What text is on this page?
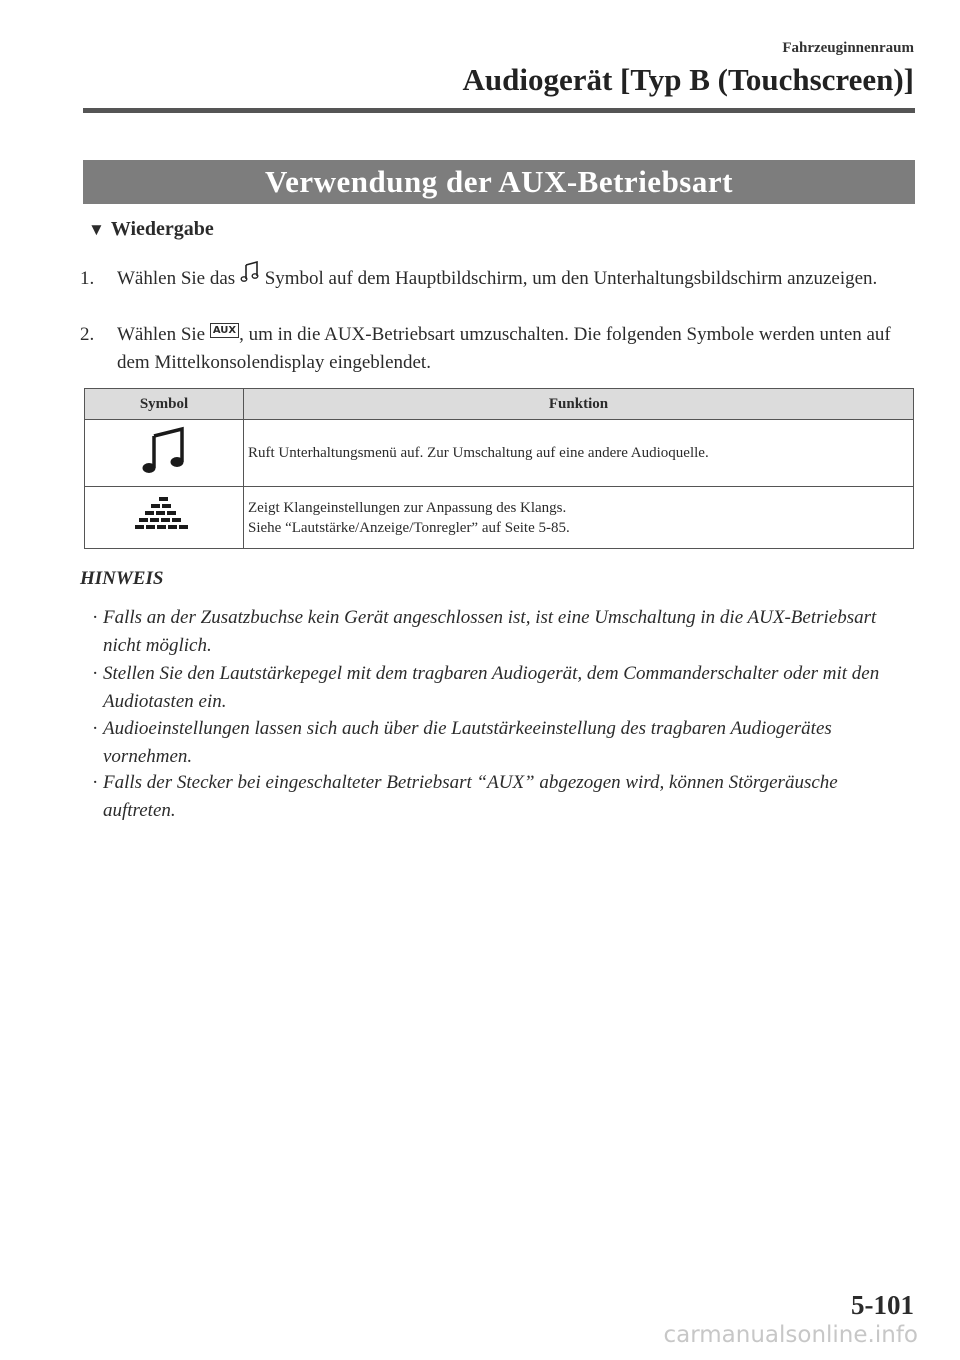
Fahrzeuginnenraum
Audiogerät [Typ B (Touchscreen)]
Verwendung der AUX-Betriebsart
▼ Wiedergabe
1. Wählen Sie das  Symbol auf dem Hauptbildschirm, um den Unterhaltungsbildschirm anzuzeigen.
2. Wählen Sie AUX , um in die AUX-Betriebsart umzuschalten. Die folgenden Symbole werden unten auf dem Mittelkonsolendisplay eingeblendet.
Symbol	Funktion

Ruft Unterhaltungsmenü auf. Zur Umschaltung auf eine andere Audioquelle.

Zeigt Klangeinstellungen zur Anpassung des Klangs.
Siehe “Lautstärke/Anzeige/Tonregler” auf Seite 5-85.
HINWEIS
· Falls an der Zusatzbuchse kein Gerät angeschlossen ist, ist eine Umschaltung in die AUX-Betriebsart nicht möglich.
· Stellen Sie den Lautstärkepegel mit dem tragbaren Audiogerät, dem Commanderschalter oder mit den Audiotasten ein.
· Audioeinstellungen lassen sich auch über die Lautstärkeeinstellung des tragbaren Audiogerätes vornehmen.
· Falls der Stecker bei eingeschalteter Betriebsart “AUX” abgezogen wird, können Störgeräusche auftreten.
5-101
carmanualsonline.info
